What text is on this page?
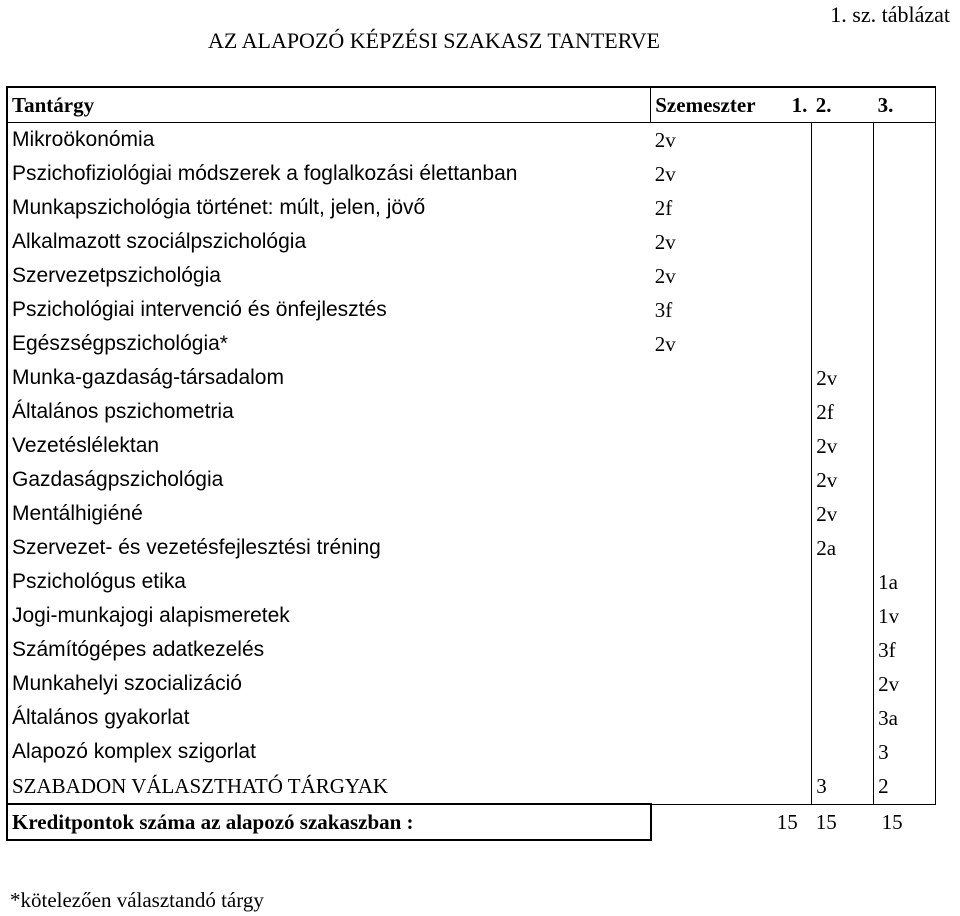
1. sz. táblázat
AZ ALAPOZÓ KÉPZÉSI SZAKASZ TANTERVE
Tantárgy	Szemeszter 1.	2.	3.
Mikroökonómia	2v		
Pszichofiziológiai módszerek a foglalkozási élettanban	2v		
Munkapszichológia történet: múlt, jelen, jövő	2f		
Alkalmazott szociálpszichológia	2v		
Szervezetpszichológia	2v		
Pszichológiai intervenció és önfejlesztés	3f		
Egészségpszichológia*	2v		
Munka-gazdaság-társadalom		2v	
Általános pszichometria		2f	
Vezetéslélektan		2v	
Gazdaságpszichológia		2v	
Mentálhigiéné		2v	
Szervezet- és vezetésfejlesztési tréning		2a	
Pszichológus etika			1a
Jogi-munkajogi alapismeretek			1v
Számítógépes adatkezelés			3f
Munkahelyi szocializáció			2v
Általános gyakorlat			3a
Alapozó komplex szigorlat			3
SZABADON VÁLASZTHATÓ TÁRGYAK		3	2
Kreditpontok száma az alapozó szakaszban :	15	15	15
*kötelezően választandó tárgy
